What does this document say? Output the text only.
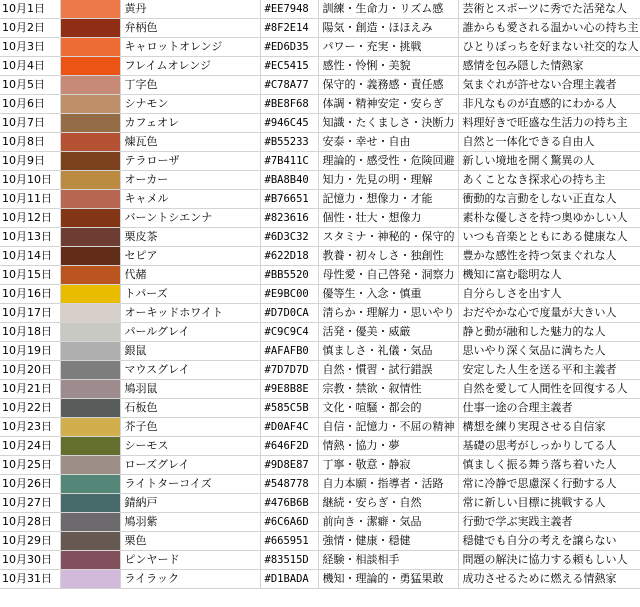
10月1日		黄丹	#EE7948	訓練・生命力・リズム感	芸術とスポーツに秀でた活発な人
10月2日		弁柄色	#8F2E14	陽気・創造・ほほえみ	誰からも愛される温かい心の持ち主
10月3日		キャロットオレンジ	#ED6D35	パワー・充実・挑戦	ひとりぼっちを好まない社交的な人
10月4日		フレイムオレンジ	#EC5415	感性・怜悧・美貌	感情を包み隠した情熱家
10月5日		丁字色	#C78A77	保守的・義務感・責任感	気まぐれが許せない合理主義者
10月6日		シナモン	#BE8F68	体調・精神安定・安らぎ	非凡なものが直感的にわかる人
10月7日		カフェオレ	#946C45	知識・たくましさ・決断力	料理好きで旺盛な生活力の持ち主
10月8日		煉瓦色	#B55233	安泰・幸せ・自由	自然と一体化できる自由人
10月9日		テラローザ	#7B411C	理論的・感受性・危険回避	新しい境地を開く驚異の人
10月10日		オーカー	#BA8B40	知力・先見の明・理解	あくことなき探求心の持ち主
10月11日		キャメル	#B76651	記憶力・想像力・才能	衝動的な言動をしない正直な人
10月12日		バーントシエンナ	#823616	個性・壮大・想像力	素朴な優しさを持つ奥ゆかしい人
10月13日		栗皮茶	#6D3C32	スタミナ・神秘的・保守的	いつも音楽とともにある健康な人
10月14日		セピア	#622D18	教養・初々しさ・独創性	豊かな感性を持つ気まぐれな人
10月15日		代赭	#BB5520	母性愛・自己啓発・洞察力	機知に富む聡明な人
10月16日		トパーズ	#E9BC00	優等生・入念・慎重	自分らしさを出す人
10月17日		オーキッドホワイト	#D7D0CA	清らか・理解力・思いやり	おだやかな心で度量が大きい人
10月18日		パールグレイ	#C9C9C4	活発・優美・威厳	静と動が融和した魅力的な人
10月19日		銀鼠	#AFAFB0	慎ましさ・礼儀・気品	思いやり深く気品に満ちた人
10月20日		マウスグレイ	#7D7D7D	自然・慣習・試行錯誤	安定した人生を送る平和主義者
10月21日		鳩羽鼠	#9E8B8E	宗教・禁欲・叙情性	自然を愛して人間性を回復する人
10月22日		石板色	#585C5B	文化・喧騒・都会的	仕事一途の合理主義者
10月23日		芥子色	#D0AF4C	自信・記憶力・不屈の精神	構想を練り実現させる自信家
10月24日		シーモス	#646F2D	情熱・協力・夢	基礎の思考がしっかりしてる人
10月25日		ローズグレイ	#9D8E87	丁寧・敬意・静寂	慎ましく振る舞う落ち着いた人
10月26日		ライトターコイズ	#548778	自力本願・指導者・活路	常に冷静で思慮深く行動する人
10月27日		錆納戸	#476B6B	継続・安らぎ・自然	常に新しい目標に挑戦する人
10月28日		鳩羽紫	#6C6A6D	前向き・潔癖・気品	行動で学ぶ実践主義者
10月29日		栗色	#665951	強情・健康・穏健	穏健でも自分の考えを譲らない
10月30日		ピンヤード	#83515D	経験・相談相手	問題の解決に協力する頼もしい人
10月31日		ライラック	#D1BADA	機知・理論的・勇猛果敢	成功させるために燃える情熱家
